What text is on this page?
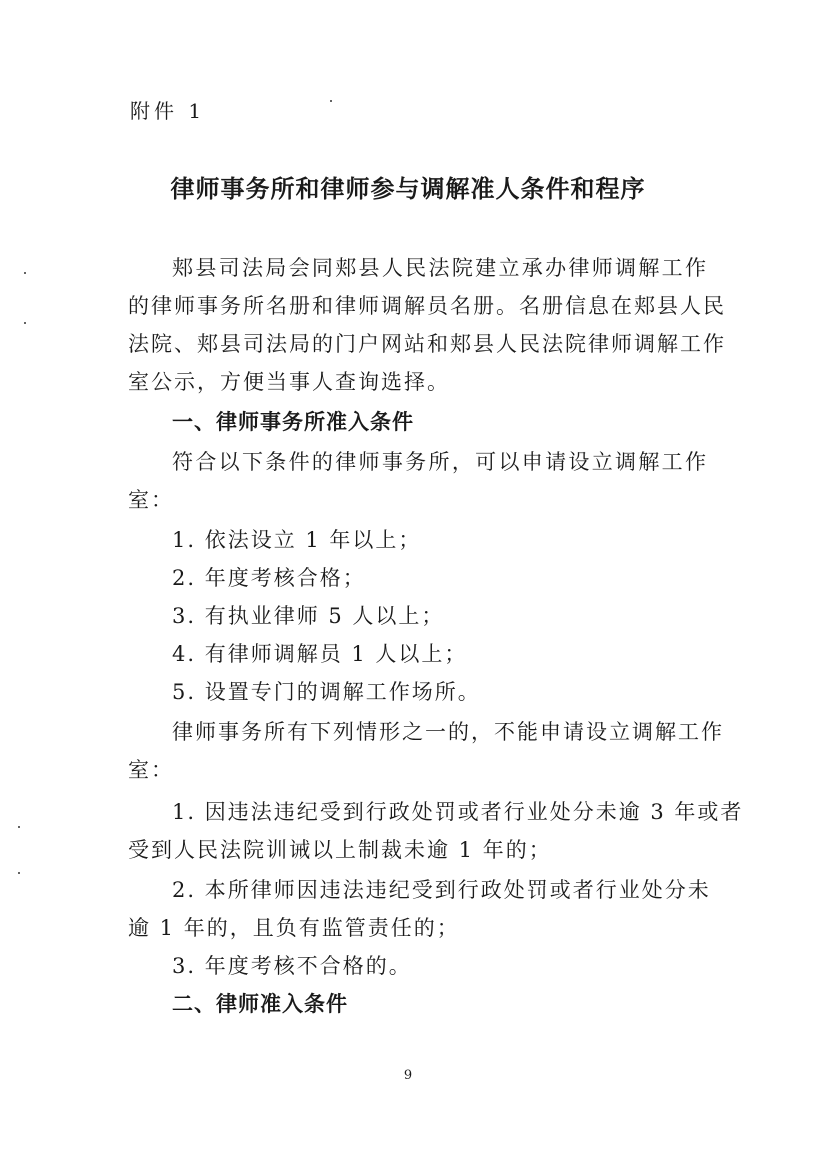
附件 1
律师事务所和律师参与调解准人条件和程序
郏县司法局会同郏县人民法院建立承办律师调解工作
的律师事务所名册和律师调解员名册。名册信息在郏县人民
法院、郏县司法局的门户网站和郏县人民法院律师调解工作
室公示，方便当事人查询选择。
一、律师事务所准入条件
符合以下条件的律师事务所，可以申请设立调解工作
室：
1. 依法设立 1 年以上；
2. 年度考核合格；
3. 有执业律师 5 人以上；
4. 有律师调解员 1 人以上；
5. 设置专门的调解工作场所。
律师事务所有下列情形之一的，不能申请设立调解工作
室：
1. 因违法违纪受到行政处罚或者行业处分未逾 3 年或者
受到人民法院训诫以上制裁未逾 1 年的；
2. 本所律师因违法违纪受到行政处罚或者行业处分未
逾 1 年的，且负有监管责任的；
3. 年度考核不合格的。
二、律师准入条件
9
